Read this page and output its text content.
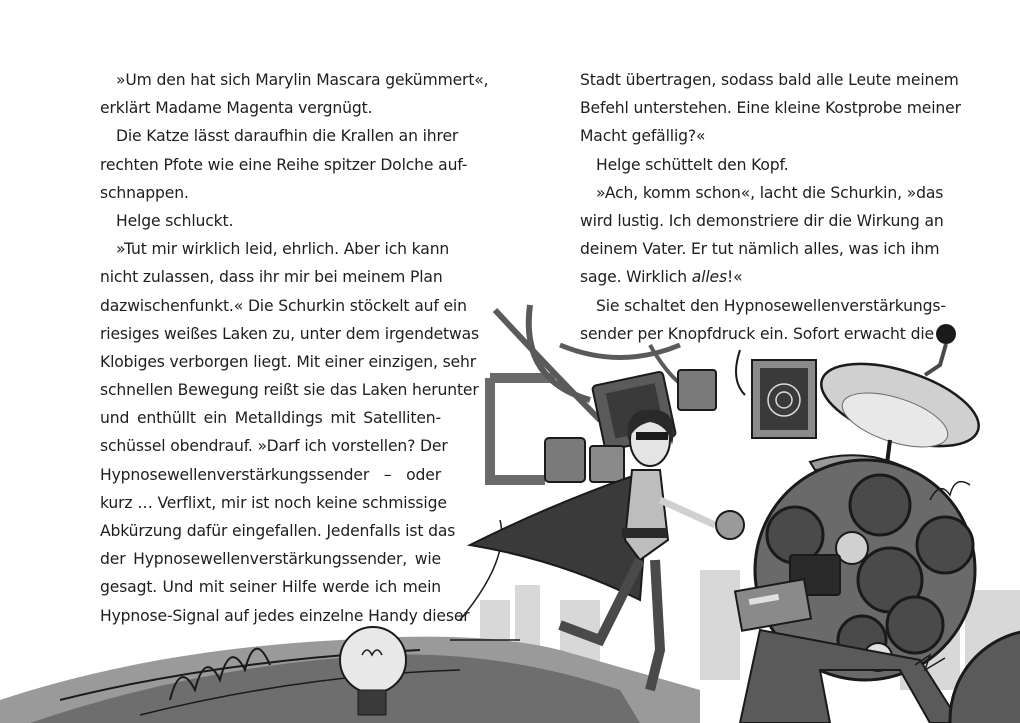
»Um den hat sich Marylin Mascara gekümmert«,
erklärt Madame Magenta vergnügt.
Die Katze lässt daraufhin die Krallen an ihrer
rechten Pfote wie eine Reihe spitzer Dolche auf-
schnappen.
Helge schluckt.
»Tut mir wirklich leid, ehrlich. Aber ich kann
nicht zulassen, dass ihr mir bei meinem Plan
dazwischenfunkt.« Die Schurkin stöckelt auf ein
riesiges weißes Laken zu, unter dem irgendetwas
Klobiges verborgen liegt. Mit einer einzigen, sehr
schnellen Bewegung reißt sie das Laken herunter
und enthüllt ein Metalldings mit Satelliten-
schüssel obendrauf. »Darf ich vorstellen? Der
Hypnosewellenverstärkungssender – oder
kurz … Verflixt, mir ist noch keine schmissige
Abkürzung dafür eingefallen. Jedenfalls ist das
der Hypnosewellenverstärkungssender, wie
gesagt. Und mit seiner Hilfe werde ich mein
Hypnose-Signal auf jedes einzelne Handy dieser
Stadt übertragen, sodass bald alle Leute meinem
Befehl unterstehen. Eine kleine Kostprobe meiner
Macht gefällig?«
Helge schüttelt den Kopf.
»Ach, komm schon«, lacht die Schurkin, »das
wird lustig. Ich demonstriere dir die Wirkung an
deinem Vater. Er tut nämlich alles, was ich ihm
sage. Wirklich alles!«
Sie schaltet den Hypnosewellenverstärkungs-
sender per Knopfdruck ein. Sofort erwacht die
